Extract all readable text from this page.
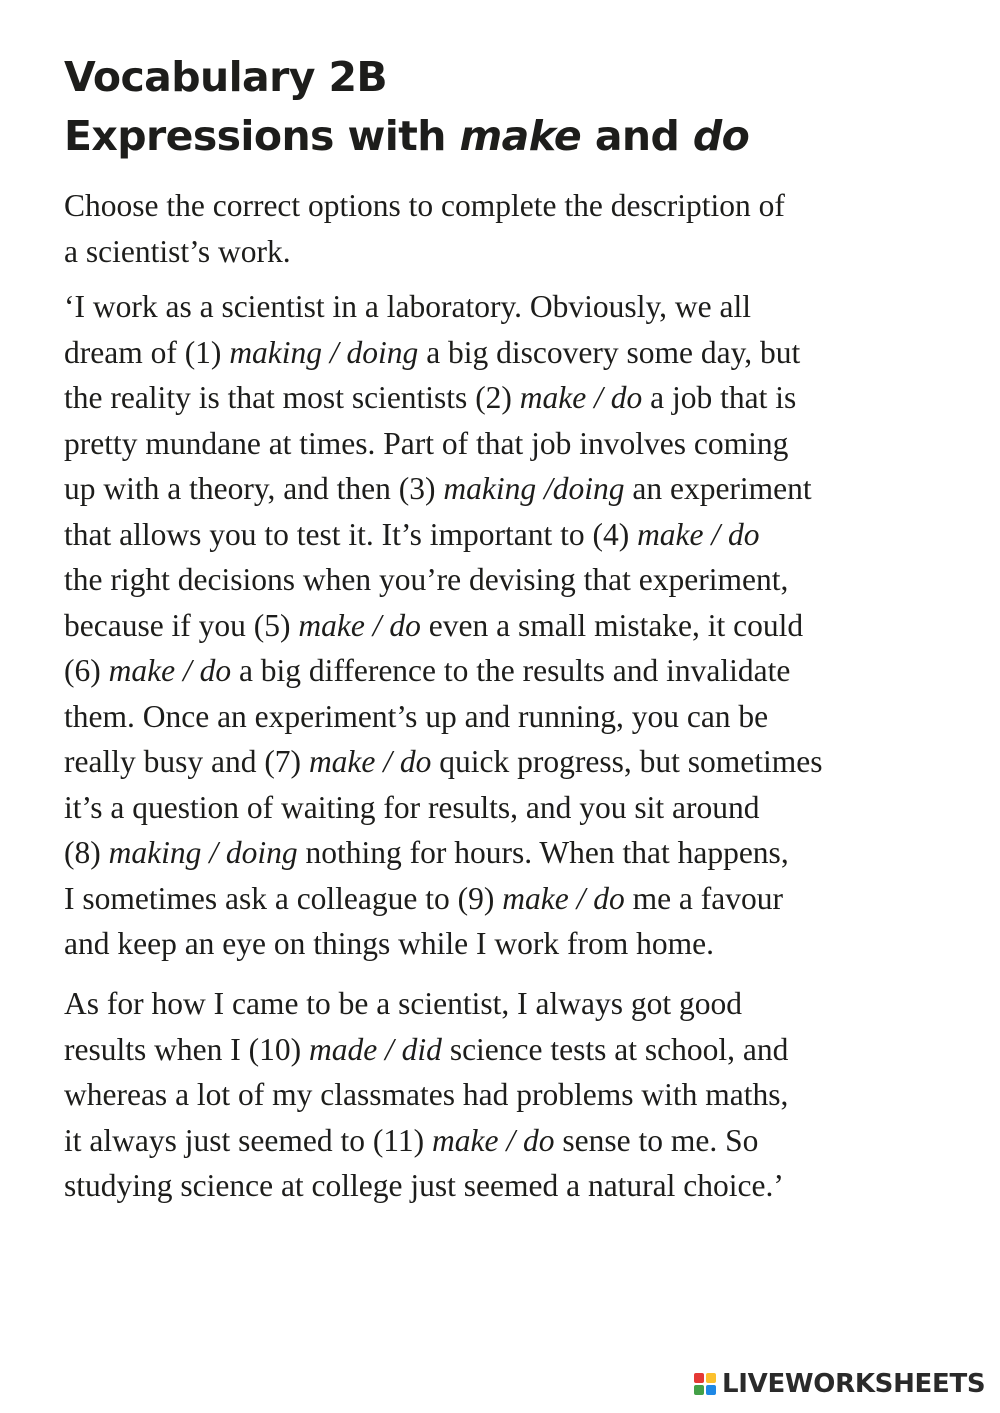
Vocabulary 2B
Expressions with make and do

Choose the correct options to complete the description of
a scientist’s work.

‘I work as a scientist in a laboratory. Obviously, we all
dream of (1) making / doing a big discovery some day, but
the reality is that most scientists (2) make / do a job that is
pretty mundane at times. Part of that job involves coming
up with a theory, and then (3) making /doing an experiment
that allows you to test it. It’s important to (4) make / do
the right decisions when you’re devising that experiment,
because if you (5) make / do even a small mistake, it could
(6) make / do a big difference to the results and invalidate
them. Once an experiment’s up and running, you can be
really busy and (7) make / do quick progress, but sometimes
it’s a question of waiting for results, and you sit around
(8) making / doing nothing for hours. When that happens,
I sometimes ask a colleague to (9) make / do me a favour
and keep an eye on things while I work from home.

As for how I came to be a scientist, I always got good
results when I (10) made / did science tests at school, and
whereas a lot of my classmates had problems with maths,
it always just seemed to (11) make / do sense to me. So
studying science at college just seemed a natural choice.’

LIVEWORKSHEETS
